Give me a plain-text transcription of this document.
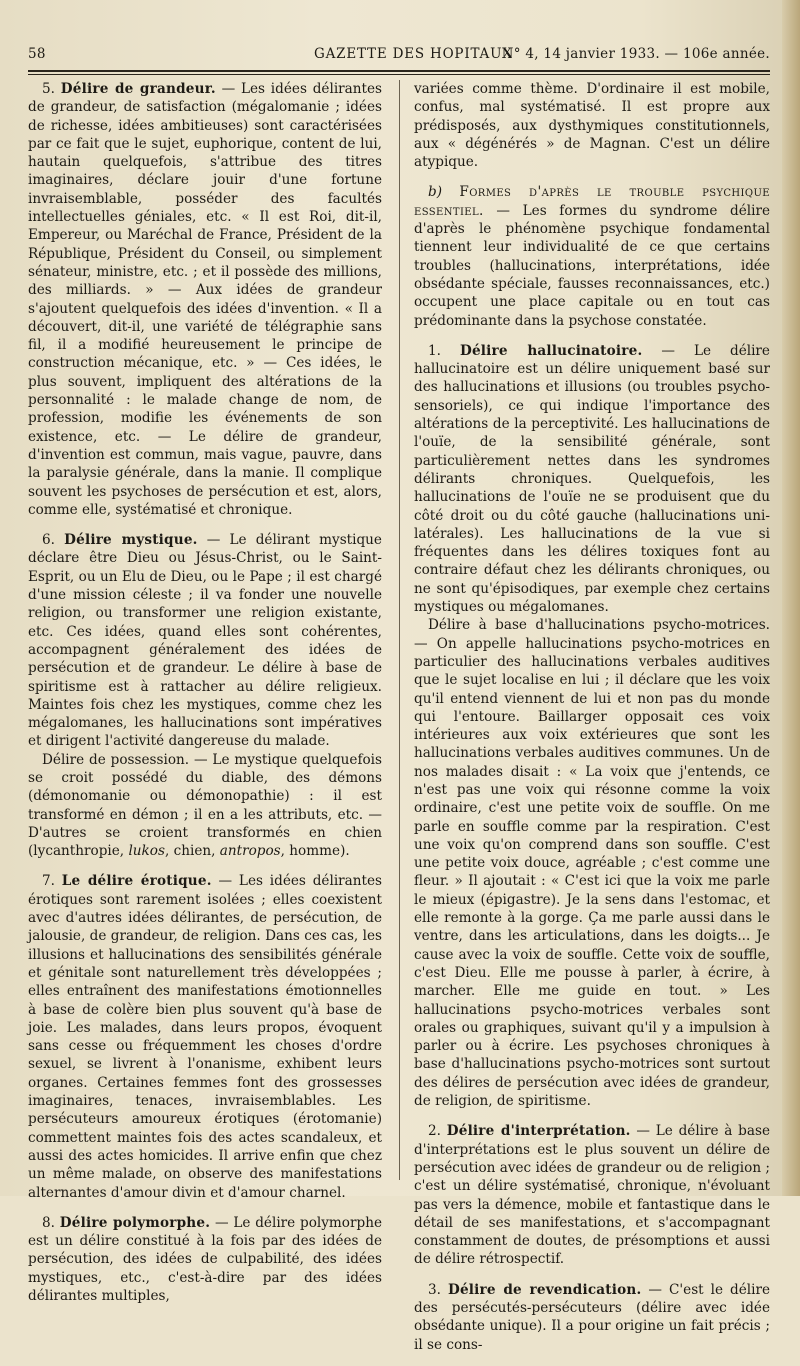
58	GAZETTE DES HOPITAUX
N° 4, 14 janvier 1933. — 106e année.

5. Délire de grandeur. — Les idées délirantes de grandeur, de satisfaction (mégalomanie ; idées de richesse, idées ambitieuses) sont caractérisées par ce fait que le sujet, euphorique, content de lui, hautain quelquefois, s'attribue des titres imaginaires, déclare jouir d'une fortune invraisemblable, posséder des facultés intellectuelles géniales, etc. « Il est Roi, dit-il, Empereur, ou Maréchal de France, Président de la République, Président du Conseil, ou simplement sénateur, ministre, etc. ; et il possède des millions, des milliards. » — Aux idées de grandeur s'ajoutent quelquefois des idées d'invention. « Il a découvert, dit-il, une variété de télégraphie sans fil, il a modifié heureusement le principe de construction mécanique, etc. » — Ces idées, le plus souvent, impliquent des altérations de la personnalité : le malade change de nom, de profession, modifie les événements de son existence, etc. — Le délire de grandeur, d'invention est commun, mais vague, pauvre, dans la paralysie générale, dans la manie. Il complique souvent les psychoses de persécution et est, alors, comme elle, systématisé et chronique.

6. Délire mystique. — Le délirant mystique déclare être Dieu ou Jésus-Christ, ou le Saint-Esprit, ou un Elu de Dieu, ou le Pape ; il est chargé d'une mission céleste ; il va fonder une nouvelle religion, ou transformer une religion existante, etc. Ces idées, quand elles sont cohérentes, accompagnent généralement des idées de persécution et de grandeur. Le délire à base de spiritisme est à rattacher au délire religieux. Maintes fois chez les mystiques, comme chez les mégalomanes, les hallucinations sont impératives et dirigent l'activité dangereuse du malade.

Délire de possession. — Le mystique quelquefois se croit possédé du diable, des démons (démonomanie ou démonopathie) : il est transformé en démon ; il en a les attributs, etc. — D'autres se croient transformés en chien (lycanthropie, lukos, chien, antropos, homme).

7. Le délire érotique. — Les idées délirantes érotiques sont rarement isolées ; elles coexistent avec d'autres idées délirantes, de persécution, de jalousie, de grandeur, de religion. Dans ces cas, les illusions et hallucinations des sensibilités générale et génitale sont naturellement très développées ; elles entraînent des manifestations émotionnelles à base de colère bien plus souvent qu'à base de joie. Les malades, dans leurs propos, évoquent sans cesse ou fréquemment les choses d'ordre sexuel, se livrent à l'onanisme, exhibent leurs organes. Certaines femmes font des grossesses imaginaires, tenaces, invraisemblables. Les persécuteurs amoureux érotiques (érotomanie) commettent maintes fois des actes scandaleux, et aussi des actes homicides. Il arrive enfin que chez un même malade, on observe des manifestations alternantes d'amour divin et d'amour charnel.

8. Délire polymorphe. — Le délire polymorphe est un délire constitué à la fois par des idées de persécution, des idées de culpabilité, des idées mystiques, etc., c'est-à-dire par des idées délirantes multiples,

variées comme thème. D'ordinaire il est mobile, confus, mal systématisé. Il est propre aux prédisposés, aux dysthymiques constitutionnels, aux « dégénérés » de Magnan. C'est un délire atypique.

b) Formes d'après le trouble psychique essentiel. — Les formes du syndrome délire d'après le phénomène psychique fondamental tiennent leur individualité de ce que certains troubles (hallucinations, interprétations, idée obsédante spéciale, fausses reconnaissances, etc.) occupent une place capitale ou en tout cas prédominante dans la psychose constatée.

1. Délire hallucinatoire. — Le délire hallucinatoire est un délire uniquement basé sur des hallucinations et illusions (ou troubles psycho-sensoriels), ce qui indique l'importance des altérations de la perceptivité. Les hallucinations de l'ouïe, de la sensibilité générale, sont particulièrement nettes dans les syndromes délirants chroniques. Quelquefois, les hallucinations de l'ouïe ne se produisent que du côté droit ou du côté gauche (hallucinations uni-latérales). Les hallucinations de la vue si fréquentes dans les délires toxiques font au contraire défaut chez les délirants chroniques, ou ne sont qu'épisodiques, par exemple chez certains mystiques ou mégalomanes.

Délire à base d'hallucinations psycho-motrices. — On appelle hallucinations psycho-motrices en particulier des hallucinations verbales auditives que le sujet localise en lui ; il déclare que les voix qu'il entend viennent de lui et non pas du monde qui l'entoure. Baillarger opposait ces voix intérieures aux voix extérieures que sont les hallucinations verbales auditives communes. Un de nos malades disait : « La voix que j'entends, ce n'est pas une voix qui résonne comme la voix ordinaire, c'est une petite voix de souffle. On me parle en souffle comme par la respiration. C'est une voix qu'on comprend dans son souffle. C'est une petite voix douce, agréable ; c'est comme une fleur. » Il ajoutait : « C'est ici que la voix me parle le mieux (épigastre). Je la sens dans l'estomac, et elle remonte à la gorge. Ça me parle aussi dans le ventre, dans les articulations, dans les doigts... Je cause avec la voix de souffle. Cette voix de souffle, c'est Dieu. Elle me pousse à parler, à écrire, à marcher. Elle me guide en tout. » Les hallucinations psycho-motrices verbales sont orales ou graphiques, suivant qu'il y a impulsion à parler ou à écrire. Les psychoses chroniques à base d'hallucinations psycho-motrices sont surtout des délires de persécution avec idées de grandeur, de religion, de spiritisme.

2. Délire d'interprétation. — Le délire à base d'interprétations est le plus souvent un délire de persécution avec idées de grandeur ou de religion ; c'est un délire systématisé, chronique, n'évoluant pas vers la démence, mobile et fantastique dans le détail de ses manifestations, et s'accompagnant constamment de doutes, de présomptions et aussi de délire rétrospectif.

3. Délire de revendication. — C'est le délire des persécutés-persécuteurs (délire avec idée obsédante unique). Il a pour origine un fait précis ; il se cons-
